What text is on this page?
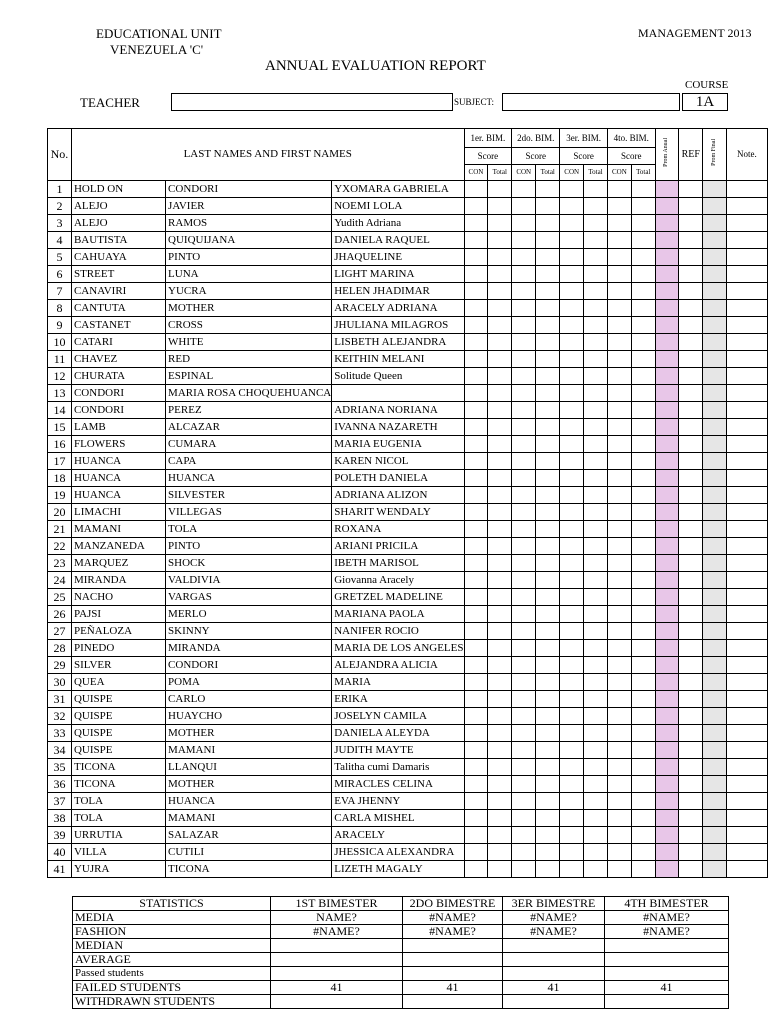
EDUCATIONAL UNIT
VENEZUELA 'C'
MANAGEMENT 2013
ANNUAL EVALUATION REPORT
COURSE
TEACHER	SUBJECT:	1A
No.	LAST NAMES AND FIRST NAMES			1er. BIM.		2do. BIM.		3er. BIM.		4to. BIM.		Prom Anual	REF	Prom Final	Note.
				Score		Score		Score		Score					
				CON	Total	CON	Total	CON	Total	CON	Total				
1	HOLD ON	CONDORI	YXOMARA GABRIELA												
2	ALEJO	JAVIER	NOEMI LOLA												
3	ALEJO	RAMOS	Yudith Adriana												
4	BAUTISTA	QUIQUIJANA	DANIELA RAQUEL												
5	CAHUAYA	PINTO	JHAQUELINE												
6	STREET	LUNA	LIGHT MARINA												
7	CANAVIRI	YUCRA	HELEN JHADIMAR												
8	CANTUTA	MOTHER	ARACELY ADRIANA												
9	CASTANET	CROSS	JHULIANA MILAGROS												
10	CATARI	WHITE	LISBETH ALEJANDRA												
11	CHAVEZ	RED	KEITHIN MELANI												
12	CHURATA	ESPINAL	Solitude Queen												
13	CONDORI	MARIA ROSA CHOQUEHUANCA													
14	CONDORI	PEREZ	ADRIANA NORIANA												
15	LAMB	ALCAZAR	IVANNA NAZARETH												
16	FLOWERS	CUMARA	MARIA EUGENIA												
17	HUANCA	CAPA	KAREN NICOL												
18	HUANCA	HUANCA	POLETH DANIELA												
19	HUANCA	SILVESTER	ADRIANA ALIZON												
20	LIMACHI	VILLEGAS	SHARIT WENDALY												
21	MAMANI	TOLA	ROXANA												
22	MANZANEDA	PINTO	ARIANI PRICILA												
23	MARQUEZ	SHOCK	IBETH MARISOL												
24	MIRANDA	VALDIVIA	Giovanna Aracely												
25	NACHO	VARGAS	GRETZEL MADELINE												
26	PAJSI	MERLO	MARIANA PAOLA												
27	PEÑALOZA	SKINNY	NANIFER ROCIO												
28	PINEDO	MIRANDA	MARIA DE LOS ANGELES												
29	SILVER	CONDORI	ALEJANDRA ALICIA												
30	QUEA	POMA	MARIA												
31	QUISPE	CARLO	ERIKA												
32	QUISPE	HUAYCHO	JOSELYN CAMILA												
33	QUISPE	MOTHER	DANIELA ALEYDA												
34	QUISPE	MAMANI	JUDITH MAYTE												
35	TICONA	LLANQUI	Talitha cumi Damaris												
36	TICONA	MOTHER	MIRACLES CELINA												
37	TOLA	HUANCA	EVA JHENNY												
38	TOLA	MAMANI	CARLA MISHEL												
39	URRUTIA	SALAZAR	ARACELY												
40	VILLA	CUTILI	JHESSICA ALEXANDRA												
41	YUJRA	TICONA	LIZETH MAGALY												
STATISTICS	1ST BIMESTER	2DO BIMESTRE	3ER BIMESTRE	4TH BIMESTER
MEDIA	NAME?	#NAME?	#NAME?	#NAME?
FASHION	#NAME?	#NAME?	#NAME?	#NAME?
MEDIAN				
AVERAGE				
Passed students				
FAILED STUDENTS	41	41	41	41
WITHDRAWN STUDENTS				
